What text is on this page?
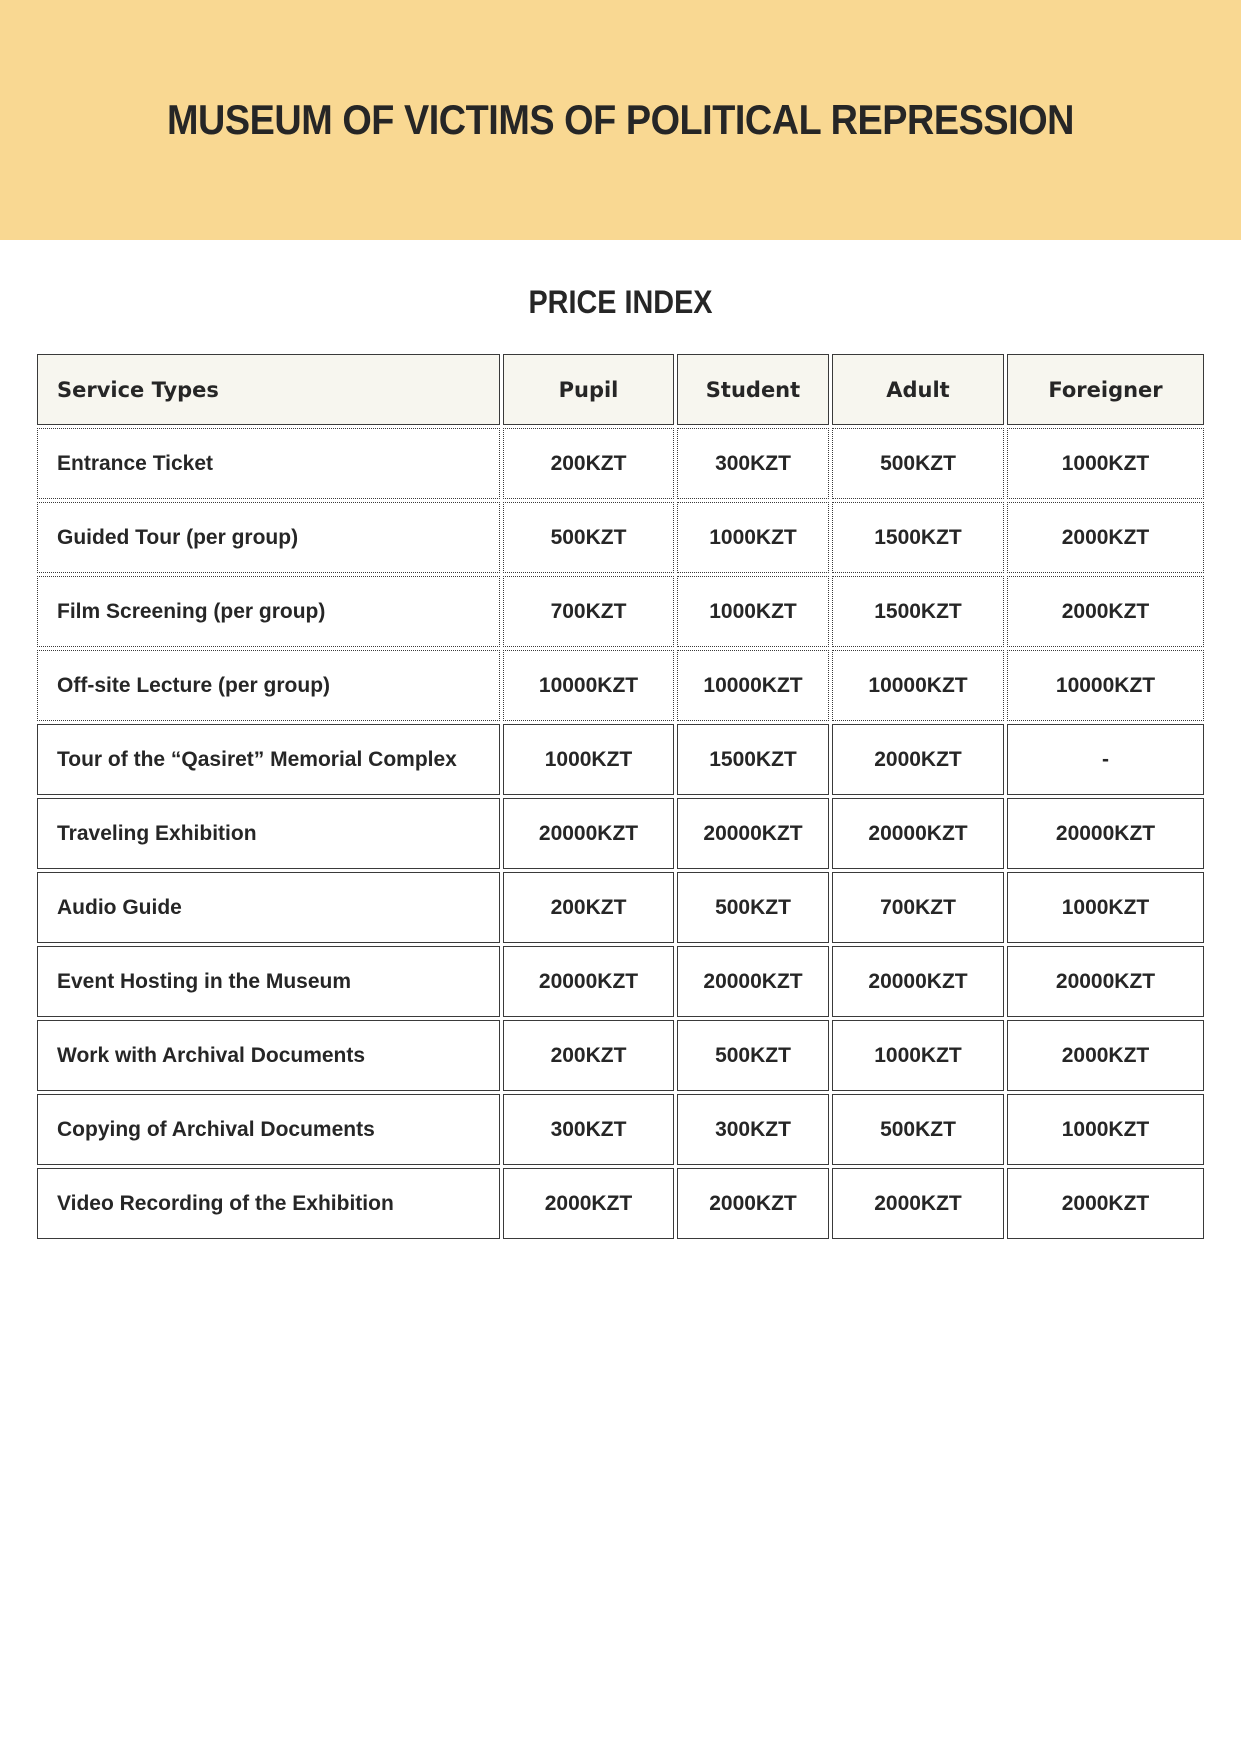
MUSEUM OF VICTIMS OF POLITICAL REPRESSION
PRICE INDEX
Service Types	Pupil	Student	Adult	Foreigner
Entrance Ticket	200KZT	300KZT	500KZT	1000KZT
Guided Tour (per group)	500KZT	1000KZT	1500KZT	2000KZT
Film Screening (per group)	700KZT	1000KZT	1500KZT	2000KZT
Off-site Lecture (per group)	10000KZT	10000KZT	10000KZT	10000KZT
Tour of the “Qasiret” Memorial Complex	1000KZT	1500KZT	2000KZT	-
Traveling Exhibition	20000KZT	20000KZT	20000KZT	20000KZT
Audio Guide	200KZT	500KZT	700KZT	1000KZT
Event Hosting in the Museum	20000KZT	20000KZT	20000KZT	20000KZT
Work with Archival Documents	200KZT	500KZT	1000KZT	2000KZT
Copying of Archival Documents	300KZT	300KZT	500KZT	1000KZT
Video Recording of the Exhibition	2000KZT	2000KZT	2000KZT	2000KZT
